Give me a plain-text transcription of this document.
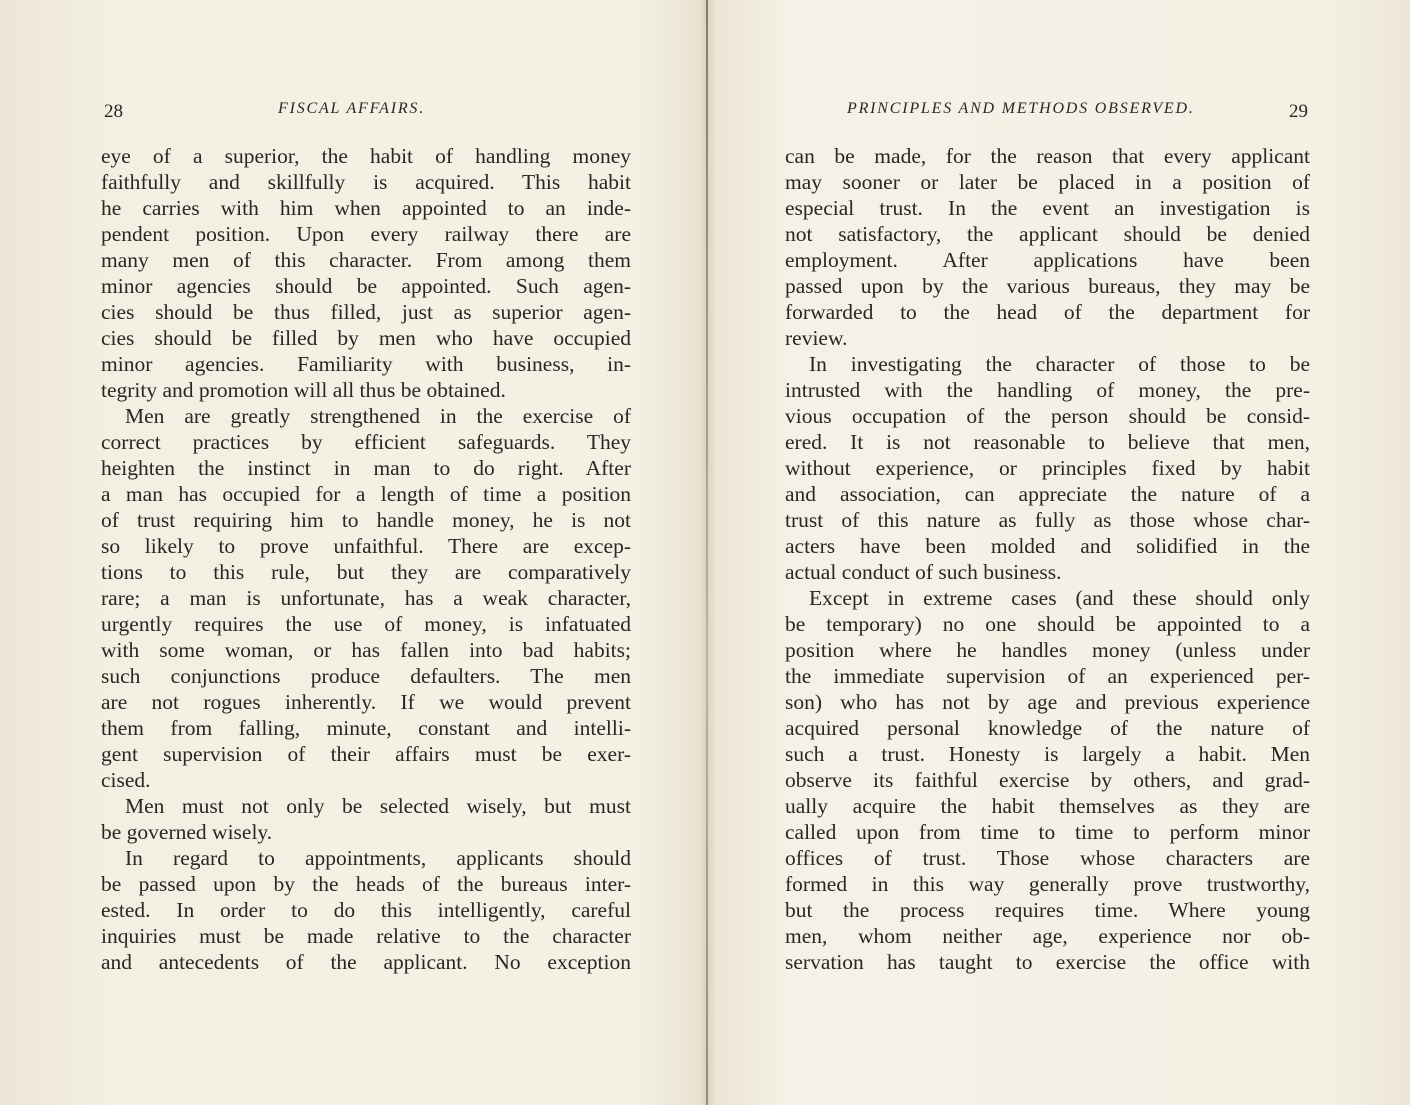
28	FISCAL AFFAIRS.
eye of a superior, the habit of handling money
faithfully and skillfully is acquired. This habit
he carries with him when appointed to an inde-
pendent position. Upon every railway there are
many men of this character. From among them
minor agencies should be appointed. Such agen-
cies should be thus filled, just as superior agen-
cies should be filled by men who have occupied
minor agencies. Familiarity with business, in-
tegrity and promotion will all thus be obtained.
Men are greatly strengthened in the exercise of
correct practices by efficient safeguards. They
heighten the instinct in man to do right. After
a man has occupied for a length of time a position
of trust requiring him to handle money, he is not
so likely to prove unfaithful. There are excep-
tions to this rule, but they are comparatively
rare; a man is unfortunate, has a weak character,
urgently requires the use of money, is infatuated
with some woman, or has fallen into bad habits;
such conjunctions produce defaulters. The men
are not rogues inherently. If we would prevent
them from falling, minute, constant and intelli-
gent supervision of their affairs must be exer-
cised.
Men must not only be selected wisely, but must
be governed wisely.
In regard to appointments, applicants should
be passed upon by the heads of the bureaus inter-
ested. In order to do this intelligently, careful
inquiries must be made relative to the character
and antecedents of the applicant. No exception
PRINCIPLES AND METHODS OBSERVED.	29
can be made, for the reason that every applicant
may sooner or later be placed in a position of
especial trust. In the event an investigation is
not satisfactory, the applicant should be denied
employment. After applications have been
passed upon by the various bureaus, they may be
forwarded to the head of the department for
review.
In investigating the character of those to be
intrusted with the handling of money, the pre-
vious occupation of the person should be consid-
ered. It is not reasonable to believe that men,
without experience, or principles fixed by habit
and association, can appreciate the nature of a
trust of this nature as fully as those whose char-
acters have been molded and solidified in the
actual conduct of such business.
Except in extreme cases (and these should only
be temporary) no one should be appointed to a
position where he handles money (unless under
the immediate supervision of an experienced per-
son) who has not by age and previous experience
acquired personal knowledge of the nature of
such a trust. Honesty is largely a habit. Men
observe its faithful exercise by others, and grad-
ually acquire the habit themselves as they are
called upon from time to time to perform minor
offices of trust. Those whose characters are
formed in this way generally prove trustworthy,
but the process requires time. Where young
men, whom neither age, experience nor ob-
servation has taught to exercise the office with
